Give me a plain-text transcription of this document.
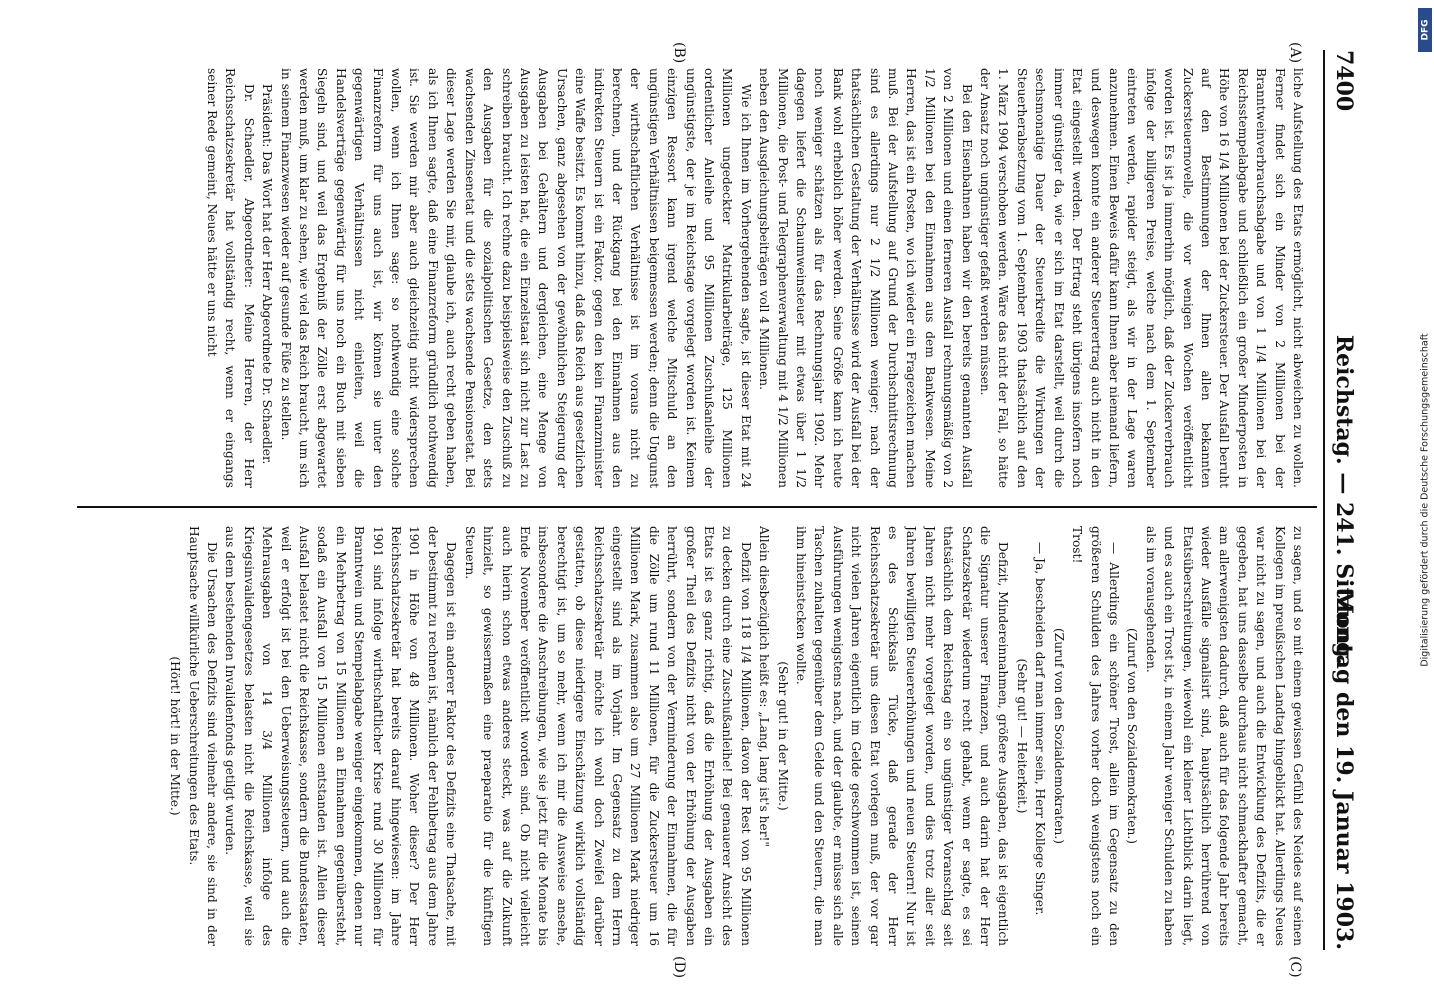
7400
Reichstag. — 241. Sitzung.
Montag den 19. Januar 1903.
(A)
(B)
(C)
(D)

liche Aufstellung des Etats ermöglicht, nicht abweichen zu wollen. Ferner findet sich ein Minder von 2 Millionen bei der Branntweinverbrauchsabgabe und von 1 1/4 Millionen bei der Reichsstempelabgabe und schließlich ein großer Minderposten in Höhe von 16 1/4 Millionen bei der Zuckersteuer. Der Ausfall beruht auf den Bestimmungen der Ihnen allen bekannten Zuckersteuernovelle, die vor wenigen Wochen veröffentlicht worden ist. Es ist ja immerhin möglich, daß der Zuckerverbrauch infolge der billigeren Preise, welche nach dem 1. September eintreten werden, rapider steigt, als wir in der Lage waren anzunehmen. Einen Beweis dafür kann Ihnen aber niemand liefern, und deswegen konnte ein anderer Steuerertrag auch nicht in den Etat eingestellt werden. Der Ertrag steht übrigens insofern noch immer günstiger da, wie er sich im Etat darstellt, weil durch die sechsmonatige Dauer der Steuerkredite die Wirkungen der Steuerherabsetzung vom 1. September 1903 thatsächlich auf den 1. März 1904 verschoben werden. Wäre das nicht der Fall, so hätte der Ansatz noch ungünstiger gefaßt werden müssen.

Bei den Eisenbahnen haben wir den bereits genannten Ausfall von 2 Millionen und einen ferneren Ausfall rechnungsmäßig von 2 1/2 Millionen bei den Einnahmen aus dem Bankwesen. Meine Herren, das ist ein Posten, wo ich wieder ein Fragezeichen machen muß. Bei der Aufstellung auf Grund der Durchschnittsrechnung sind es allerdings nur 2 1/2 Millionen weniger; nach der thatsächlichen Gestaltung der Verhältnisse wird der Ausfall bei der Bank wohl erheblich höher werden. Seine Größe kann ich heute noch weniger schätzen als für das Rechnungsjahr 1902. Mehr dagegen liefert die Schaumweinsteuer mit etwas über 1 1/2 Millionen, die Post- und Telegraphenverwaltung mit 4 1/2 Millionen neben den Ausgleichungsbeiträgen voll 4 Millionen.

Wie ich Ihnen im Vorhergehenden sagte, ist dieser Etat mit 24 Millionen ungedeckter Matrikularbeiträge, 125 Millionen ordentlicher Anleihe und 95 Millionen Zuschußanleihe der ungünstigste, der je im Reichstage vorgelegt worden ist. Keinem einzigen Ressort kann irgend welche Mitschuld an den ungünstigen Verhältnissen beigemessen werden; denn die Ungunst der wirthschaftlichen Verhältnisse ist im voraus nicht zu berechnen, und der Rückgang bei den Einnahmen aus den indirekten Steuern ist ein Faktor, gegen den kein Finanzminister eine Waffe besitzt. Es kommt hinzu, daß das Reich aus gesetzlichen Ursachen, ganz abgesehen von der gewöhnlichen Steigerung der Ausgaben bei Gehältern und dergleichen, eine Menge von Ausgaben zu leisten hat, die ein Einzelstaat sich nicht zur Last zu schreiben braucht. Ich rechne dazu beispielsweise den Zuschuß zu den Ausgaben für die sozialpolitischen Gesetze, den stets wachsenden Zinsenetat und die stets wachsende Pensionsetat. Bei dieser Lage werden Sie mir, glaube ich, auch recht geben haben, als ich Ihnen sagte, daß eine Finanzreform gründlich nothwendig ist. Sie werden mir aber auch gleichzeitig nicht widersprechen wollen, wenn ich Ihnen sage: so nothwendig eine solche Finanzreform für uns auch ist, wir können sie unter den gegenwärtigen Verhältnissen nicht einleiten, weil die Handelsverträge gegenwärtig für uns noch ein Buch mit sieben Siegeln sind, und weil das Ergebniß der Zölle erst abgewartet werden muß, um klar zu sehen, wie viel das Reich braucht, um sich in seinem Finanzwesen wieder auf gesunde Füße zu stellen.

Präsident: Das Wort hat der Herr Abgeordnete Dr. Schaedler.

Dr. Schaedler, Abgeordneter: Meine Herren, der Herr Reichsschatzsekretär hat vollständig recht, wenn er eingangs seiner Rede gemeint, Neues hätte er uns nicht

zu sagen, und so mit einem gewissen Gefühl des Neides auf seinen Kollegen im preußischen Landtag hingeblickt hat. Allerdings Neues war nicht zu sagen, und auch die Entwicklung des Defizits, die er gegeben, hat uns dasselbe durchaus nicht schmackhafter gemacht, am allerwenigsten dadurch, daß auch für das folgende Jahr bereits wieder Ausfälle signalisirt sind, hauptsächlich herrührend von Etatsüberschreitungen, wiewohl ein kleiner Lichtblick darin liegt, und es auch ein Trost ist, in einem Jahr weniger Schulden zu haben als im vorausgehenden.

(Zuruf von den Sozialdemokraten.)

— Allerdings ein schöner Trost, allein im Gegensatz zu den größeren Schulden des Jahres vorher doch wenigstens noch ein Trost!

(Zuruf von den Sozialdemokraten.)

— Ja, bescheiden darf man immer sein, Herr Kollege Singer.

(Sehr gut! — Heiterkeit.)

Defizit, Mindereinnahmen, größere Ausgaben, das ist eigentlich die Signatur unserer Finanzen, und auch darin hat der Herr Schatzsekretär wiederum recht gehabt, wenn er sagte, es sei thatsächlich dem Reichstag ein so ungünstiger Voranschlag seit Jahren nicht mehr vorgelegt worden, und dies trotz aller seit Jahren bewilligten Steuererhöhungen und neuen Steuern! Nur ist es des Schicksals Tücke, daß gerade der Herr Reichsschatzsekretär uns diesen Etat vorlegen muß, der vor gar nicht vielen Jahren eigentlich im Gelde geschwommen ist, seinen Ausführungen wenigstens nach, und der glaubte, er müsse sich alle Taschen zuhalten gegenüber dem Gelde und den Steuern, die man ihm hineinstecken wollte.

(Sehr gut! in der Mitte.)

Allein diesbezüglich heißt es: „Lang, lang ist's her!"

Defizit von 118 1/4 Millionen, davon der Rest von 95 Millionen zu decken durch eine Zuschußanleihe! Bei genauerer Ansicht des Etats ist es ganz richtig, daß die Erhöhung der Ausgaben ein großer Theil des Defizits nicht von der Erhöhung der Ausgaben herrührt, sondern von der Verminderung der Einnahmen, die für die Zölle um rund 11 Millionen, für die Zuckersteuer um 16 Millionen Mark, zusammen also um 27 Millionen Mark niedriger eingestellt sind als im Vorjahr. Im Gegensatz zu dem Herrn Reichsschatzsekretär möchte ich wohl doch Zweifel darüber gestatten, ob diese niedrigere Einschätzung wirklich vollständig berechtigt ist, um so mehr, wenn ich mir die Ausweise ansehe, insbesondere die Anschreibungen, wie sie jetzt für die Monate bis Ende November veröffentlicht worden sind. Ob nicht vielleicht auch hierin schon etwas anderes steckt, was auf die Zukunft hinzielt, so gewissermaßen eine praeparatio für die künftigen Steuern.

Dagegen ist ein anderer Faktor des Defizits eine Thatsache, mit der bestimmt zu rechnen ist, nämlich der Fehlbetrag aus dem Jahre 1901 in Höhe von 48 Millionen. Woher dieser? Der Herr Reichsschatzsekretär hat bereits darauf hingewiesen: im Jahre 1901 sind infolge wirthschaftlicher Krise rund 30 Millionen für Branntwein und Stempelabgabe weniger eingekommen, denen nur ein Mehrbetrag von 15 Millionen an Einnahmen gegenübersteht, sodaß ein Ausfall von 15 Millionen entstanden ist. Allein dieser Ausfall belastet nicht die Reichskasse, sondern die Bundesstaaten, weil er erfolgt ist bei den Ueberweisungssteuern, und auch die Mehrausgaben von 14 3/4 Millionen infolge des Kriegsinvalidengesetzes belasten nicht die Reichskasse, weil sie aus dem bestehenden Invalidenfonds getilgt wurden.

Die Ursachen des Defizits sind vielmehr andere, sie sind in der Hauptsache willkürliche Ueberschreitungen des Etats.

(Hört! hört! in der Mitte.)

Digitalisierung gefördert durch die Deutsche Forschungsgemeinschaft
DFG
